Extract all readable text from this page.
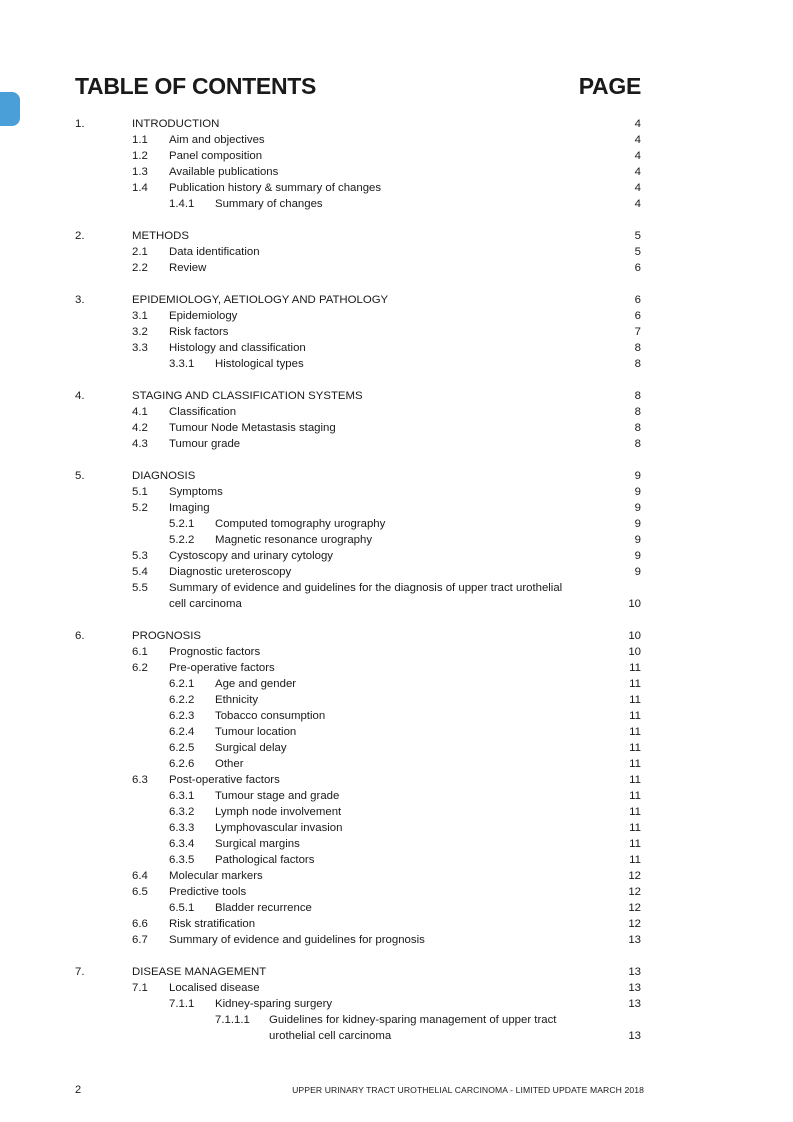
TABLE OF CONTENTS	PAGE
1.	INTRODUCTION	4
1.1 Aim and objectives	4
1.2 Panel composition	4
1.3 Available publications	4
1.4 Publication history & summary of changes	4
1.4.1 Summary of changes	4
2.	METHODS	5
2.1 Data identification	5
2.2 Review	6
3.	EPIDEMIOLOGY, AETIOLOGY AND PATHOLOGY	6
3.1 Epidemiology	6
3.2 Risk factors	7
3.3 Histology and classification	8
3.3.1 Histological types	8
4.	STAGING AND CLASSIFICATION SYSTEMS	8
4.1 Classification	8
4.2 Tumour Node Metastasis staging	8
4.3 Tumour grade	8
5.	DIAGNOSIS	9
5.1 Symptoms	9
5.2 Imaging	9
5.2.1 Computed tomography urography	9
5.2.2 Magnetic resonance urography	9
5.3 Cystoscopy and urinary cytology	9
5.4 Diagnostic ureteroscopy	9
5.5 Summary of evidence and guidelines for the diagnosis of upper tract urothelial
cell carcinoma	10
6.	PROGNOSIS	10
6.1 Prognostic factors	10
6.2 Pre-operative factors	11
6.2.1 Age and gender	11
6.2.2 Ethnicity	11
6.2.3 Tobacco consumption	11
6.2.4 Tumour location	11
6.2.5 Surgical delay	11
6.2.6 Other	11
6.3 Post-operative factors	11
6.3.1 Tumour stage and grade	11
6.3.2 Lymph node involvement	11
6.3.3 Lymphovascular invasion	11
6.3.4 Surgical margins	11
6.3.5 Pathological factors	11
6.4 Molecular markers	12
6.5 Predictive tools	12
6.5.1 Bladder recurrence	12
6.6 Risk stratification	12
6.7 Summary of evidence and guidelines for prognosis	13
7.	DISEASE MANAGEMENT	13
7.1 Localised disease	13
7.1.1 Kidney-sparing surgery	13
7.1.1.1 Guidelines for kidney-sparing management of upper tract
urothelial cell carcinoma	13
2	UPPER URINARY TRACT UROTHELIAL CARCINOMA - LIMITED UPDATE MARCH 2018
